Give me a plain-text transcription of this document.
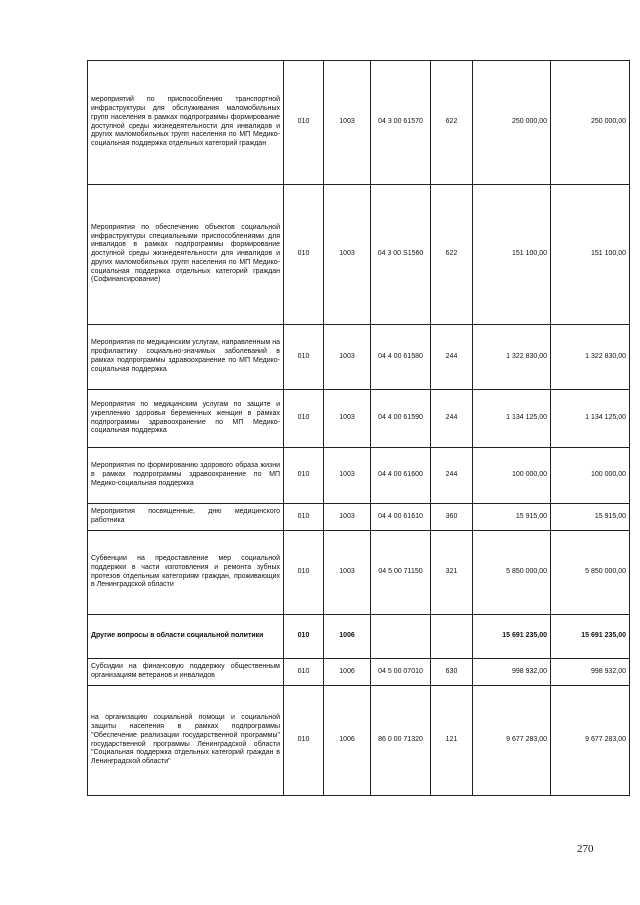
мероприятий по приспособлению транспортной инфраструктуры для обслуживания маломобильных групп населения в рамках подпрограммы формирование доступной среды жизнедеятельности для инвалидов и других маломобильных групп населения по МП Медико-социальная поддержка отдельных категорий граждан	010	1003	04 3 00 61570	622	250 000,00	250 000,00
Мероприятия по обеспечению объектов социальной инфраструктуры специальными приспособлениями для инвалидов в рамках подпрограммы формирование доступной среды жизнедеятельности для инвалидов и других маломобильных групп населения по МП Медико-социальная поддержка отдельных категорий граждан (Софинансирование)	010	1003	04 3 00 S1560	622	151 100,00	151 100,00
Мероприятия по медицинским услугам, направленным на профилактику социально-значимых заболеваний в рамках подпрограммы здравоохранение по МП Медико-социальная поддержка	010	1003	04 4 00 61580	244	1 322 830,00	1 322 830,00
Мероприятия по медицинским услугам по защите и укреплению здоровья беременных женщин в рамках подпрограммы здравоохранение по МП Медико-социальная поддержка	010	1003	04 4 00 61590	244	1 134 125,00	1 134 125,00
Мероприятия по формированию здорового образа жизни в рамках подпрограммы здравоохранение по МП Медико-социальная поддержка	010	1003	04 4 00 61600	244	100 000,00	100 000,00
Мероприятия посвященные, дню медицинского работника	010	1003	04 4 00 61610	360	15 915,00	15 915,00
Субвенции на предоставление мер социальной поддержки в части изготовления и ремонта зубных протезов отдельным категориям граждан, проживающих в Ленинградской области	010	1003	04 5 00 71150	321	5 850 000,00	5 850 000,00
Другие вопросы в области социальной политики	010	1006			15 691 235,00	15 691 235,00
Субсидии на финансовую поддержку общественным организациям ветеранов и инвалидов	010	1006	04 5 00 07010	630	998 932,00	998 932,00
на организацию социальной помощи и социальной защиты населения в рамках подпрограммы "Обеспечение реализации государственной программы" государственной программы Ленинградской области "Социальная поддержка отдельных категорий граждан в Ленинградской области"	010	1006	86 0 00 71320	121	9 677 283,00	9 677 283,00
270
